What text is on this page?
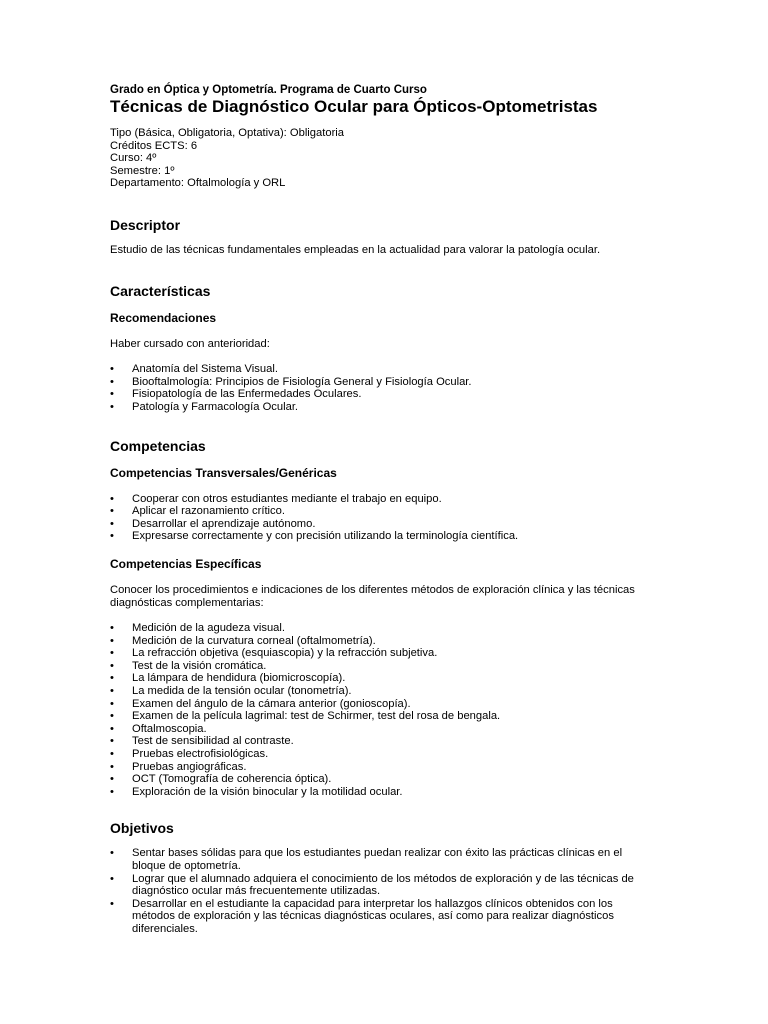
Grado en Óptica y Optometría. Programa de Cuarto Curso
Técnicas de Diagnóstico Ocular para Ópticos-Optometristas
Tipo (Básica, Obligatoria, Optativa): Obligatoria
Créditos ECTS: 6
Curso: 4º
Semestre: 1º
Departamento: Oftalmología y ORL
Descriptor

Estudio de las técnicas fundamentales empleadas en la actualidad para valorar la patología ocular.

Características
Recomendaciones

Haber cursado con anterioridad:

• Anatomía del Sistema Visual.
• Biooftalmología: Principios de Fisiología General y Fisiología Ocular.
• Fisiopatología de las Enfermedades Oculares.
• Patología y Farmacología Ocular.
Competencias
Competencias Transversales/Genéricas
• Cooperar con otros estudiantes mediante el trabajo en equipo.
• Aplicar el razonamiento crítico.
• Desarrollar el aprendizaje autónomo.
• Expresarse correctamente y con precisión utilizando la terminología científica.
Competencias Específicas

Conocer los procedimientos e indicaciones de los diferentes métodos de exploración clínica y las técnicas diagnósticas complementarias:

• Medición de la agudeza visual.
• Medición de la curvatura corneal (oftalmometría).
• La refracción objetiva (esquiascopia) y la refracción subjetiva.
• Test de la visión cromática.
• La lámpara de hendidura (biomicroscopía).
• La medida de la tensión ocular (tonometría).
• Examen del ángulo de la cámara anterior (gonioscopía).
• Examen de la película lagrimal: test de Schirmer, test del rosa de bengala.
• Oftalmoscopia.
• Test de sensibilidad al contraste.
• Pruebas electrofisiológicas.
• Pruebas angiográficas.
• OCT (Tomografía de coherencia óptica).
• Exploración de la visión binocular y la motilidad ocular.
Objetivos
• Sentar bases sólidas para que los estudiantes puedan realizar con éxito las prácticas clínicas en el bloque de optometría.
• Lograr que el alumnado adquiera el conocimiento de los métodos de exploración y de las técnicas de diagnóstico ocular más frecuentemente utilizadas.
• Desarrollar en el estudiante la capacidad para interpretar los hallazgos clínicos obtenidos con los métodos de exploración y las técnicas diagnósticas oculares, así como para realizar diagnósticos diferenciales.
